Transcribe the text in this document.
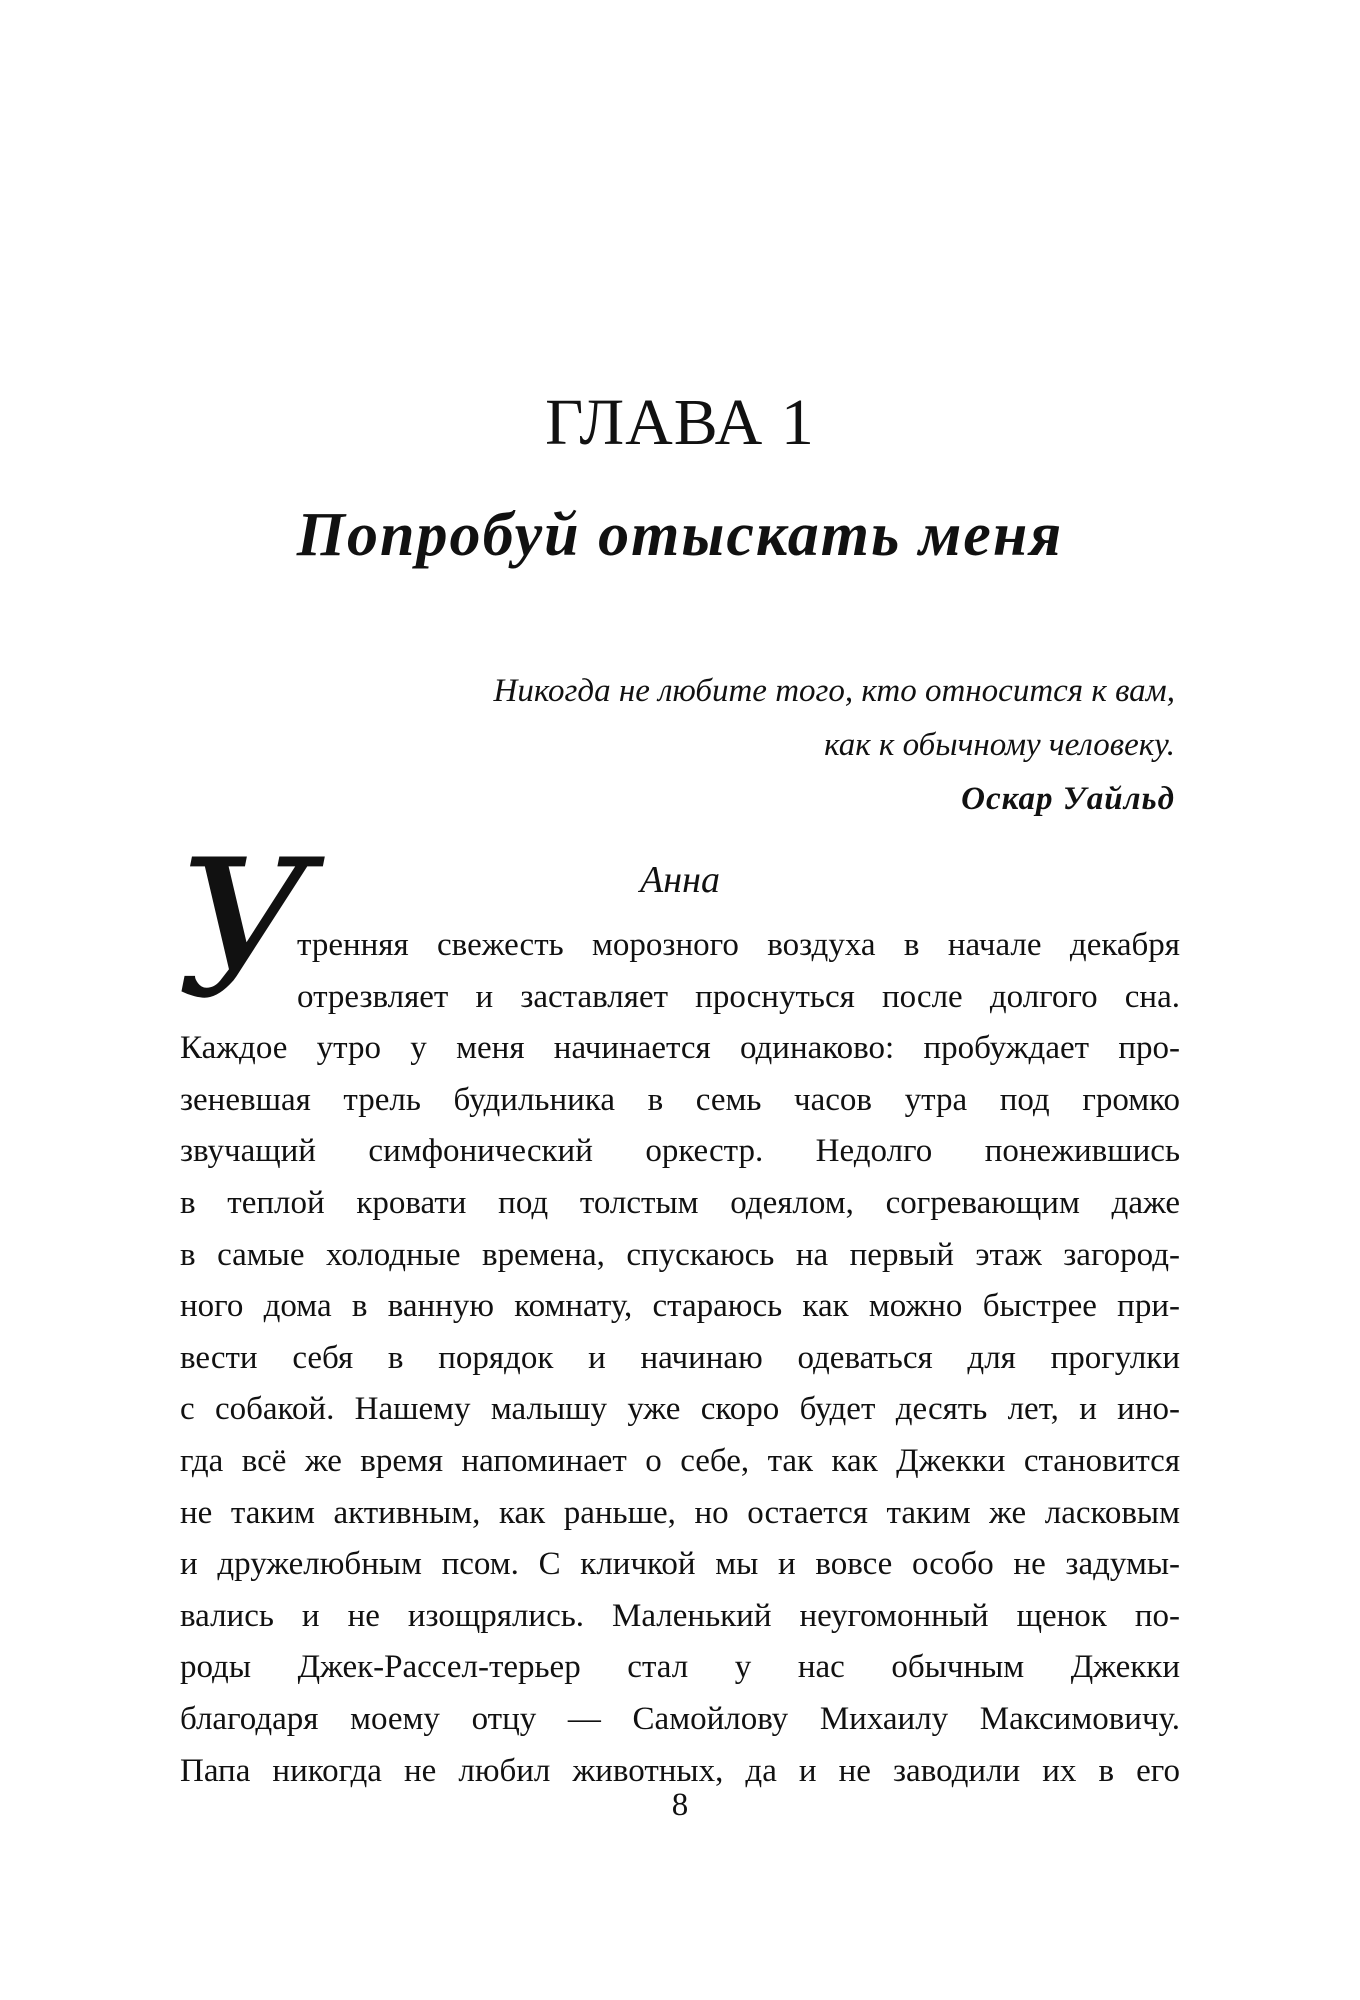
ГЛАВА 1
Попробуй отыскать меня
Никогда не любите того, кто относится к вам,
как к обычному человеку.
Оскар Уайльд
Анна
У
тренняя свежесть морозного воздуха в начале декабря
отрезвляет и заставляет проснуться после долгого сна.
Каждое утро у меня начинается одинаково: пробуждает про-
зеневшая трель будильника в семь часов утра под громко
звучащий симфонический оркестр. Недолго понежившись
в теплой кровати под толстым одеялом, согревающим даже
в самые холодные времена, спускаюсь на первый этаж загород-
ного дома в ванную комнату, стараюсь как можно быстрее при-
вести себя в порядок и начинаю одеваться для прогулки
с собакой. Нашему малышу уже скоро будет десять лет, и ино-
гда всё же время напоминает о себе, так как Джекки становится
не таким активным, как раньше, но остается таким же ласковым
и дружелюбным псом. С кличкой мы и вовсе особо не задумы-
вались и не изощрялись. Маленький неугомонный щенок по-
роды Джек-Рассел-терьер стал у нас обычным Джекки
благодаря моему отцу — Самойлову Михаилу Максимовичу.
Папа никогда не любил животных, да и не заводили их в его
8
